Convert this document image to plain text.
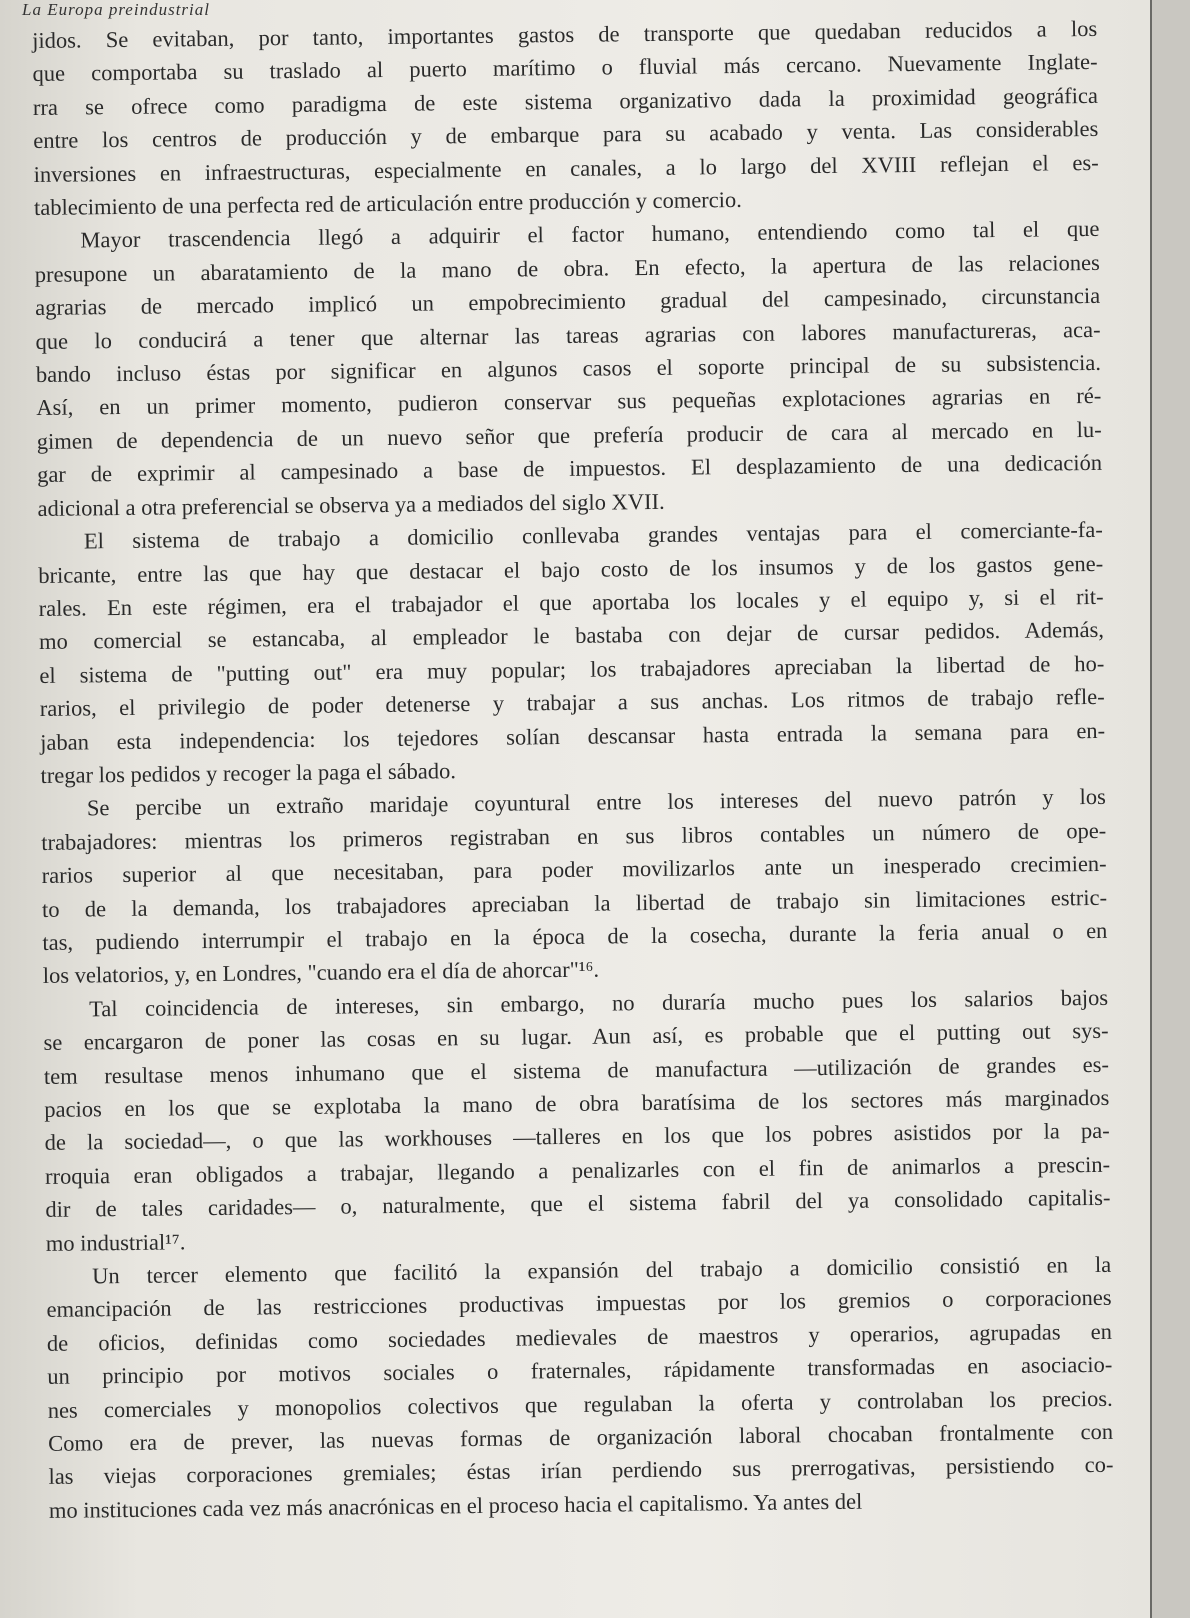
La Europa preindustrial
jidos. Se evitaban, por tanto, importantes gastos de transporte que quedaban reducidos a los
que comportaba su traslado al puerto marítimo o fluvial más cercano. Nuevamente Inglate-
rra se ofrece como paradigma de este sistema organizativo dada la proximidad geográfica
entre los centros de producción y de embarque para su acabado y venta. Las considerables
inversiones en infraestructuras, especialmente en canales, a lo largo del XVIII reflejan el es-
tablecimiento de una perfecta red de articulación entre producción y comercio.
Mayor trascendencia llegó a adquirir el factor humano, entendiendo como tal el que
presupone un abaratamiento de la mano de obra. En efecto, la apertura de las relaciones
agrarias de mercado implicó un empobrecimiento gradual del campesinado, circunstancia
que lo conducirá a tener que alternar las tareas agrarias con labores manufactureras, aca-
bando incluso éstas por significar en algunos casos el soporte principal de su subsistencia.
Así, en un primer momento, pudieron conservar sus pequeñas explotaciones agrarias en ré-
gimen de dependencia de un nuevo señor que prefería producir de cara al mercado en lu-
gar de exprimir al campesinado a base de impuestos. El desplazamiento de una dedicación
adicional a otra preferencial se observa ya a mediados del siglo XVII.
El sistema de trabajo a domicilio conllevaba grandes ventajas para el comerciante-fa-
bricante, entre las que hay que destacar el bajo costo de los insumos y de los gastos gene-
rales. En este régimen, era el trabajador el que aportaba los locales y el equipo y, si el rit-
mo comercial se estancaba, al empleador le bastaba con dejar de cursar pedidos. Además,
el sistema de "putting out" era muy popular; los trabajadores apreciaban la libertad de ho-
rarios, el privilegio de poder detenerse y trabajar a sus anchas. Los ritmos de trabajo refle-
jaban esta independencia: los tejedores solían descansar hasta entrada la semana para en-
tregar los pedidos y recoger la paga el sábado.
Se percibe un extraño maridaje coyuntural entre los intereses del nuevo patrón y los
trabajadores: mientras los primeros registraban en sus libros contables un número de ope-
rarios superior al que necesitaban, para poder movilizarlos ante un inesperado crecimien-
to de la demanda, los trabajadores apreciaban la libertad de trabajo sin limitaciones estric-
tas, pudiendo interrumpir el trabajo en la época de la cosecha, durante la feria anual o en
los velatorios, y, en Londres, "cuando era el día de ahorcar"¹⁶.
Tal coincidencia de intereses, sin embargo, no duraría mucho pues los salarios bajos
se encargaron de poner las cosas en su lugar. Aun así, es probable que el putting out sys-
tem resultase menos inhumano que el sistema de manufactura —utilización de grandes es-
pacios en los que se explotaba la mano de obra baratísima de los sectores más marginados
de la sociedad—, o que las workhouses —talleres en los que los pobres asistidos por la pa-
rroquia eran obligados a trabajar, llegando a penalizarles con el fin de animarlos a prescin-
dir de tales caridades— o, naturalmente, que el sistema fabril del ya consolidado capitalis-
mo industrial¹⁷.
Un tercer elemento que facilitó la expansión del trabajo a domicilio consistió en la
emancipación de las restricciones productivas impuestas por los gremios o corporaciones
de oficios, definidas como sociedades medievales de maestros y operarios, agrupadas en
un principio por motivos sociales o fraternales, rápidamente transformadas en asociacio-
nes comerciales y monopolios colectivos que regulaban la oferta y controlaban los precios.
Como era de prever, las nuevas formas de organización laboral chocaban frontalmente con
las viejas corporaciones gremiales; éstas irían perdiendo sus prerrogativas, persistiendo co-
mo instituciones cada vez más anacrónicas en el proceso hacia el capitalismo. Ya antes del
